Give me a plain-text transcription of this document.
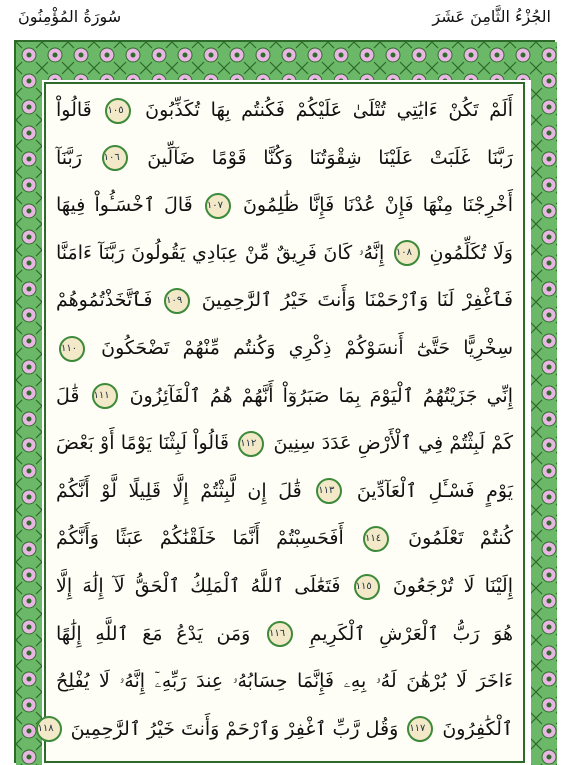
الجُزْءُ الثَّامِنَ عَشَرَ
سُورَةُ المُؤْمِنُونَ
أَلَمْ تَكُنْ ءَايَٰتِي تُتْلَىٰ عَلَيْكُمْ فَكُنتُم بِهَا تُكَذِّبُونَ ١٠٥ قَالُواْ
رَبَّنَا غَلَبَتْ عَلَيْنَا شِقْوَتُنَا وَكُنَّا قَوْمًا ضَآلِّينَ ١٠٦ رَبَّنَآ
أَخْرِجْنَا مِنْهَا فَإِنْ عُدْنَا فَإِنَّا ظَٰلِمُونَ ١٠٧ قَالَ ٱخْسَـُٔواْ فِيهَا
وَلَا تُكَلِّمُونِ ١٠٨ إِنَّهُۥ كَانَ فَرِيقٌ مِّنْ عِبَادِي يَقُولُونَ رَبَّنَآ ءَامَنَّا
فَٱغْفِرْ لَنَا وَٱرْحَمْنَا وَأَنتَ خَيْرُ ٱلرَّٰحِمِينَ ١٠٩ فَٱتَّخَذْتُمُوهُمْ
سِخْرِيًّا حَتَّىٰٓ أَنسَوْكُمْ ذِكْرِي وَكُنتُم مِّنْهُمْ تَضْحَكُونَ ١١٠
إِنِّي جَزَيْتُهُمُ ٱلْيَوْمَ بِمَا صَبَرُوٓاْ أَنَّهُمْ هُمُ ٱلْفَآئِزُونَ ١١١ قَٰلَ
كَمْ لَبِثْتُمْ فِي ٱلْأَرْضِ عَدَدَ سِنِينَ ١١٢ قَالُواْ لَبِثْنَا يَوْمًا أَوْ بَعْضَ
يَوْمٍ فَسْـَٔلِ ٱلْعَآدِّينَ ١١٣ قَٰلَ إِن لَّبِثْتُمْ إِلَّا قَلِيلًا لَّوْ أَنَّكُمْ
كُنتُمْ تَعْلَمُونَ ١١٤ أَفَحَسِبْتُمْ أَنَّمَا خَلَقْنَٰكُمْ عَبَثًا وَأَنَّكُمْ
إِلَيْنَا لَا تُرْجَعُونَ ١١٥ فَتَعَٰلَى ٱللَّهُ ٱلْمَلِكُ ٱلْحَقُّ لَآ إِلَٰهَ إِلَّا
هُوَ رَبُّ ٱلْعَرْشِ ٱلْكَرِيمِ ١١٦ وَمَن يَدْعُ مَعَ ٱللَّهِ إِلَٰهًا
ءَاخَرَ لَا بُرْهَٰنَ لَهُۥ بِهِۦ فَإِنَّمَا حِسَابُهُۥ عِندَ رَبِّهِۦٓ إِنَّهُۥ لَا يُفْلِحُ
ٱلْكَٰفِرُونَ ١١٧ وَقُل رَّبِّ ٱغْفِرْ وَٱرْحَمْ وَأَنتَ خَيْرُ ٱلرَّٰحِمِينَ ١١٨
